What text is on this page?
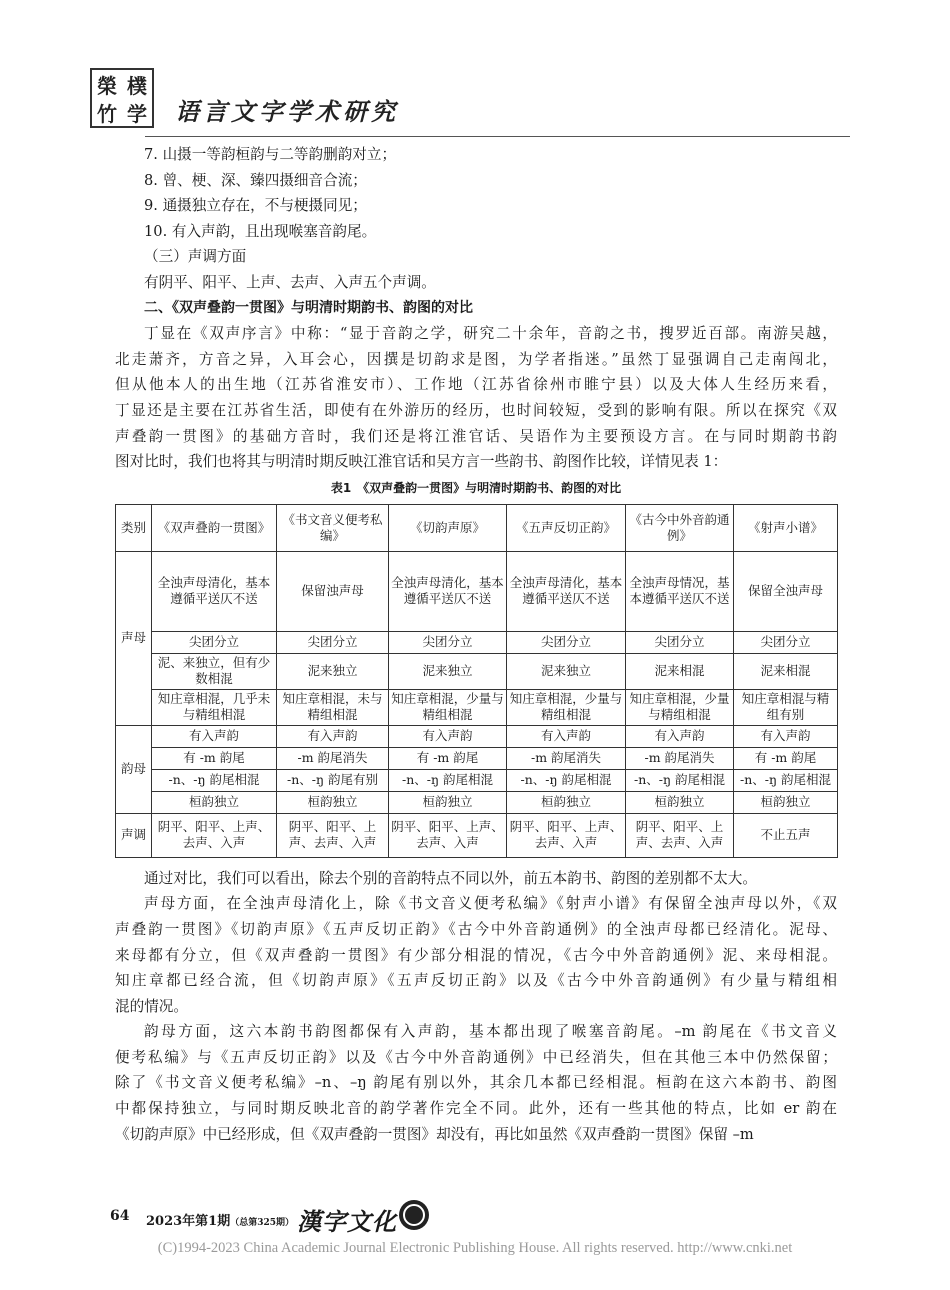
榮 樸
竹 学 语言文字学术研究

7. 山摄一等韵桓韵与二等韵删韵对立；

8. 曾、梗、深、臻四摄细音合流；

9. 通摄独立存在，不与梗摄同见；

10. 有入声韵，且出现喉塞音韵尾。

（三）声调方面

有阴平、阳平、上声、去声、入声五个声调。

二、《双声叠韵一贯图》与明清时期韵书、韵图的对比

丁显在《双声序言》中称：“显于音韵之学，研究二十余年，音韵之书，搜罗近百部。南游吴越，

北走萧齐，方音之异，入耳会心，因撰是切韵求是图，为学者指迷。”虽然丁显强调自己走南闯北，

但从他本人的出生地（江苏省淮安市）、工作地（江苏省徐州市睢宁县）以及大体人生经历来看，

丁显还是主要在江苏省生活，即使有在外游历的经历，也时间较短，受到的影响有限。所以在探究《双

声叠韵一贯图》的基础方音时，我们还是将江淮官话、吴语作为主要预设方言。在与同时期韵书韵

图对比时，我们也将其与明清时期反映江淮官话和吴方言一些韵书、韵图作比较，详情见表 1：

表1　《双声叠韵一贯图》与明清时期韵书、韵图的对比
类别	《双声叠韵一贯图》	《书文音义便考私编》	《切韵声原》	《五声反切正韵》	《古今中外音韵通例》	《射声小谱》
声母	全浊声母清化，基本遵循平送仄不送	保留浊声母	全浊声母清化，基本遵循平送仄不送	全浊声母清化，基本遵循平送仄不送	全浊声母情况，基本遵循平送仄不送	保留全浊声母
	尖团分立	尖团分立	尖团分立	尖团分立	尖团分立	尖团分立
	泥、来独立，但有少数相混	泥来独立	泥来独立	泥来独立	泥来相混	泥来相混
	知庄章相混，几乎未与精组相混	知庄章相混，未与精组相混	知庄章相混，少量与精组相混	知庄章相混，少量与精组相混	知庄章相混，少量与精组相混	知庄章相混与精组有别
韵母	有入声韵	有入声韵	有入声韵	有入声韵	有入声韵	有入声韵
	有 -m 韵尾	-m 韵尾消失	有 -m 韵尾	-m 韵尾消失	-m 韵尾消失	有 -m 韵尾
	-n、-ŋ 韵尾相混	-n、-ŋ 韵尾有别	-n、-ŋ 韵尾相混	-n、-ŋ 韵尾相混	-n、-ŋ 韵尾相混	-n、-ŋ 韵尾相混
	桓韵独立	桓韵独立	桓韵独立	桓韵独立	桓韵独立	桓韵独立
声调	阴平、阳平、上声、去声、入声	阴平、阳平、上声、去声、入声	阴平、阳平、上声、去声、入声	阴平、阳平、上声、去声、入声	阴平、阳平、上声、去声、入声	不止五声

通过对比，我们可以看出，除去个别的音韵特点不同以外，前五本韵书、韵图的差别都不太大。

声母方面，在全浊声母清化上，除《书文音义便考私编》《射声小谱》有保留全浊声母以外，《双

声叠韵一贯图》《切韵声原》《五声反切正韵》《古今中外音韵通例》的全浊声母都已经清化。泥母、

来母都有分立，但《双声叠韵一贯图》有少部分相混的情况，《古今中外音韵通例》泥、来母相混。

知庄章都已经合流，但《切韵声原》《五声反切正韵》以及《古今中外音韵通例》有少量与精组相

混的情况。

韵母方面，这六本韵书韵图都保有入声韵，基本都出现了喉塞音韵尾。–m 韵尾在《书文音义

便考私编》与《五声反切正韵》以及《古今中外音韵通例》中已经消失，但在其他三本中仍然保留；

除了《书文音义便考私编》–n、–ŋ 韵尾有别以外，其余几本都已经相混。桓韵在这六本韵书、韵图

中都保持独立，与同时期反映北音的韵学著作完全不同。此外，还有一些其他的特点，比如 er 韵在

《切韵声原》中已经形成，但《双声叠韵一贯图》却没有，再比如虽然《双声叠韵一贯图》保留 –m

64 2023年第1期（总第325期） 漢字文化
(C)1994-2023 China Academic Journal Electronic Publishing House. All rights reserved. http://www.cnki.net
